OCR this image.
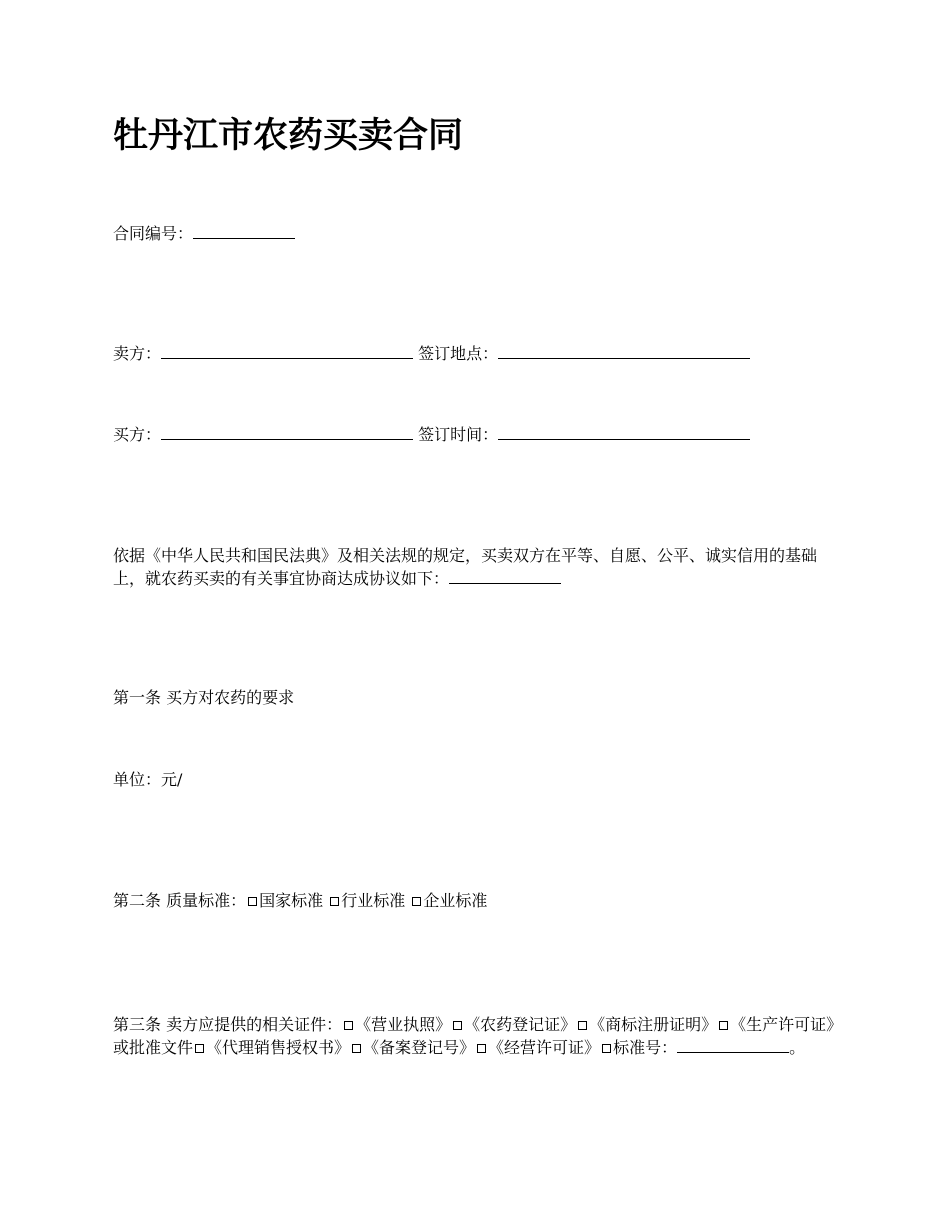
牡丹江市农药买卖合同
合同编号：
卖方：	签订地点：
买方：	签订时间：
依据《中华人民共和国民法典》及相关法规的规定，买卖双方在平等、自愿、公平、诚实信用的基础上，就农药买卖的有关事宜协商达成协议如下：
第一条 买方对农药的要求
单位：元/
第二条 质量标准： 国家标准 行业标准 企业标准
第三条 卖方应提供的相关证件： 《营业执照》 《农药登记证》 《商标注册证明》 《生产许可证》或批准文件 《代理销售授权书》 《备案登记号》 《经营许可证》 标准号：	。
